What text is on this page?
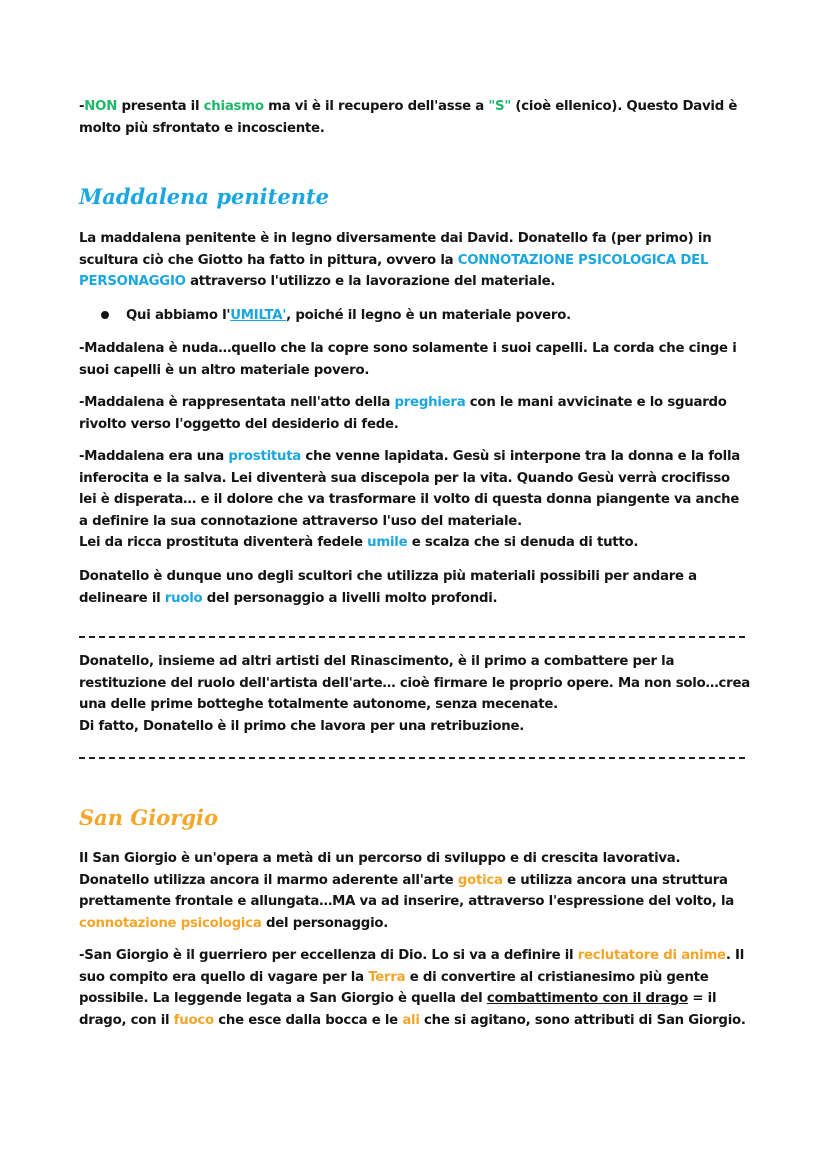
-NON presenta il chiasmo ma vi è il recupero dell'asse a "S" (cioè ellenico). Questo David è molto più sfrontato e incosciente.

Maddalena penitente

La maddalena penitente è in legno diversamente dai David. Donatello fa (per primo) in scultura ciò che Giotto ha fatto in pittura, ovvero la CONNOTAZIONE PSICOLOGICA DEL PERSONAGGIO attraverso l'utilizzo e la lavorazione del materiale.

Qui abbiamo l'UMILTA', poiché il legno è un materiale povero.

-Maddalena è nuda…quello che la copre sono solamente i suoi capelli. La corda che cinge i suoi capelli è un altro materiale povero.

-Maddalena è rappresentata nell'atto della preghiera con le mani avvicinate e lo sguardo rivolto verso l'oggetto del desiderio di fede.

-Maddalena era una prostituta che venne lapidata. Gesù si interpone tra la donna e la folla inferocita e la salva. Lei diventerà sua discepola per la vita. Quando Gesù verrà crocifisso lei è disperata… e il dolore che va trasformare il volto di questa donna piangente va anche a definire la sua connotazione attraverso l'uso del materiale.
Lei da ricca prostituta diventerà fedele umile e scalza che si denuda di tutto.

Donatello è dunque uno degli scultori che utilizza più materiali possibili per andare a delineare il ruolo del personaggio a livelli molto profondi.

Donatello, insieme ad altri artisti del Rinascimento, è il primo a combattere per la restituzione del ruolo dell'artista dell'arte… cioè firmare le proprio opere. Ma non solo…crea una delle prime botteghe totalmente autonome, senza mecenate.
Di fatto, Donatello è il primo che lavora per una retribuzione.

San Giorgio

Il San Giorgio è un'opera a metà di un percorso di sviluppo e di crescita lavorativa. Donatello utilizza ancora il marmo aderente all'arte gotica e utilizza ancora una struttura prettamente frontale e allungata…MA va ad inserire, attraverso l'espressione del volto, la connotazione psicologica del personaggio.

-San Giorgio è il guerriero per eccellenza di Dio. Lo si va a definire il reclutatore di anime. Il suo compito era quello di vagare per la Terra e di convertire al cristianesimo più gente possibile. La leggende legata a San Giorgio è quella del combattimento con il drago = il drago, con il fuoco che esce dalla bocca e le ali che si agitano, sono attributi di San Giorgio.
